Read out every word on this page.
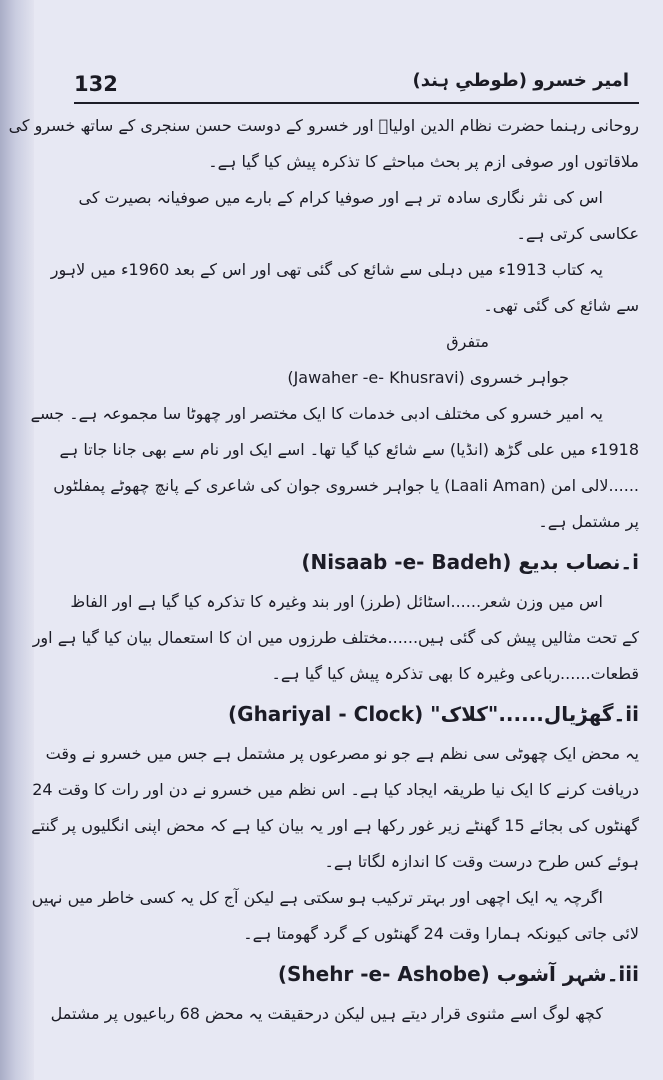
132	امیر خسرو (طوطیِ ہند)
روحانی رہنما حضرت نظام الدین اولیاؒ اور خسرو کے دوست حسن سنجری کے ساتھ خسرو کی
ملاقاتوں اور صوفی ازم پر بحث مباحثے کا تذکرہ پیش کیا گیا ہے۔
اس کی نثر نگاری سادہ تر ہے اور صوفیا کرام کے بارے میں صوفیانہ بصیرت کی
عکاسی کرتی ہے۔
یہ کتاب 1913ء میں دہلی سے شائع کی گئی تھی اور اس کے بعد 1960ء میں لاہور
سے شائع کی گئی تھی۔
متفرق
جواہر خسروی (Jawaher -e- Khusravi)
یہ امیر خسرو کی مختلف ادبی خدمات کا ایک مختصر اور چھوٹا سا مجموعہ ہے۔ جسے
1918ء میں علی گڑھ (انڈیا) سے شائع کیا گیا تھا۔ اسے ایک اور نام سے بھی جانا جاتا ہے
......لالی امن (Laali Aman) یا جواہر خسروی جوان کی شاعری کے پانچ چھوٹے پمفلٹوں
پر مشتمل ہے۔
i۔نصاب بدیع (Nisaab -e- Badeh)
اس میں وزن شعر......اسٹائل (طرز) اور بند وغیرہ کا تذکرہ کیا گیا ہے اور الفاظ
کے تحت مثالیں پیش کی گئی ہیں......مختلف طرزوں میں ان کا استعمال بیان کیا گیا ہے اور
قطعات......رباعی وغیرہ کا بھی تذکرہ پیش کیا گیا ہے۔
ii۔گھڑیال......"کلاک" (Ghariyal - Clock)
یہ محض ایک چھوٹی سی نظم ہے جو نو مصرعوں پر مشتمل ہے جس میں خسرو نے وقت
دریافت کرنے کا ایک نیا طریقہ ایجاد کیا ہے۔ اس نظم میں خسرو نے دن اور رات کا وقت 24
گھنٹوں کی بجائے 15 گھنٹے زیر غور رکھا ہے اور یہ بیان کیا ہے کہ محض اپنی انگلیوں پر گنتے
ہوئے کس طرح درست وقت کا اندازہ لگاتا ہے۔
اگرچہ یہ ایک اچھی اور بہتر ترکیب ہو سکتی ہے لیکن آج کل یہ کسی خاطر میں نہیں
لائی جاتی کیونکہ ہمارا وقت 24 گھنٹوں کے گرد گھومتا ہے۔
iii۔شہر آشوب (Shehr -e- Ashobe)
کچھ لوگ اسے مثنوی قرار دیتے ہیں لیکن درحقیقت یہ محض 68 رباعیوں پر مشتمل
